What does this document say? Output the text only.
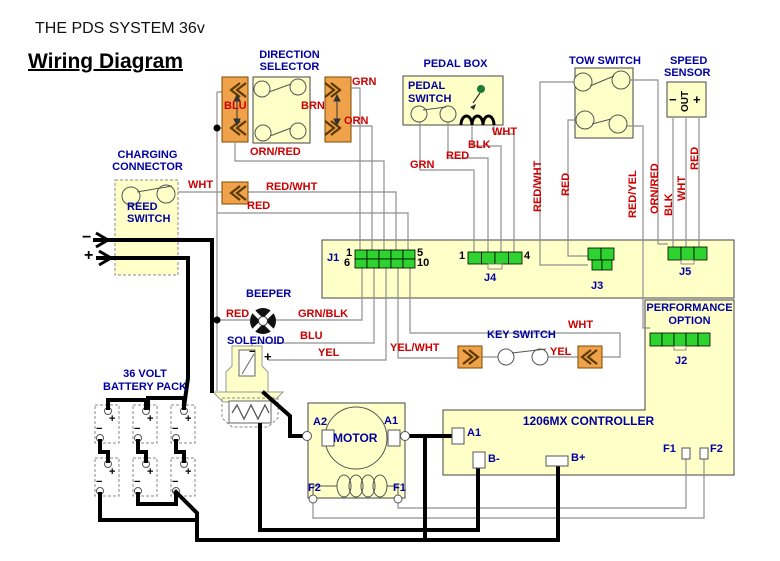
THE PDS SYSTEM 36v
Wiring Diagram	DIRECTION
SELECTOR
GRN
BLU	BRN
ORN
ORN/RED
CHARGING
CONNECTOR
REED
SWITCH
−
+
WHT	RED/WHT
RED
PEDAL BOX
PEDAL
SWITCH
WHT
BLK
RED
GRN
TOW SWITCH	SPEED
SENSOR
− OUT +
RED/WHT RED	RED/YEL ORN/RED BLK
WHT
RED
J1 1	5
6	10
1	4
J4
J3
J5
BEEPER
RED	GRN/BLK
SOLENOID
− +
BLU
YEL	YEL/WHT
KEY SWITCH
YEL
WHT
PERFORMANCE
OPTION
J2
36 VOLT
BATTERY PACK
+	+	+
−	−	−
+	+	+
−	−	−
MOTOR
A2	A1
F2	F1
1206MX CONTROLLER
A1
B-	B+
F1	F2
